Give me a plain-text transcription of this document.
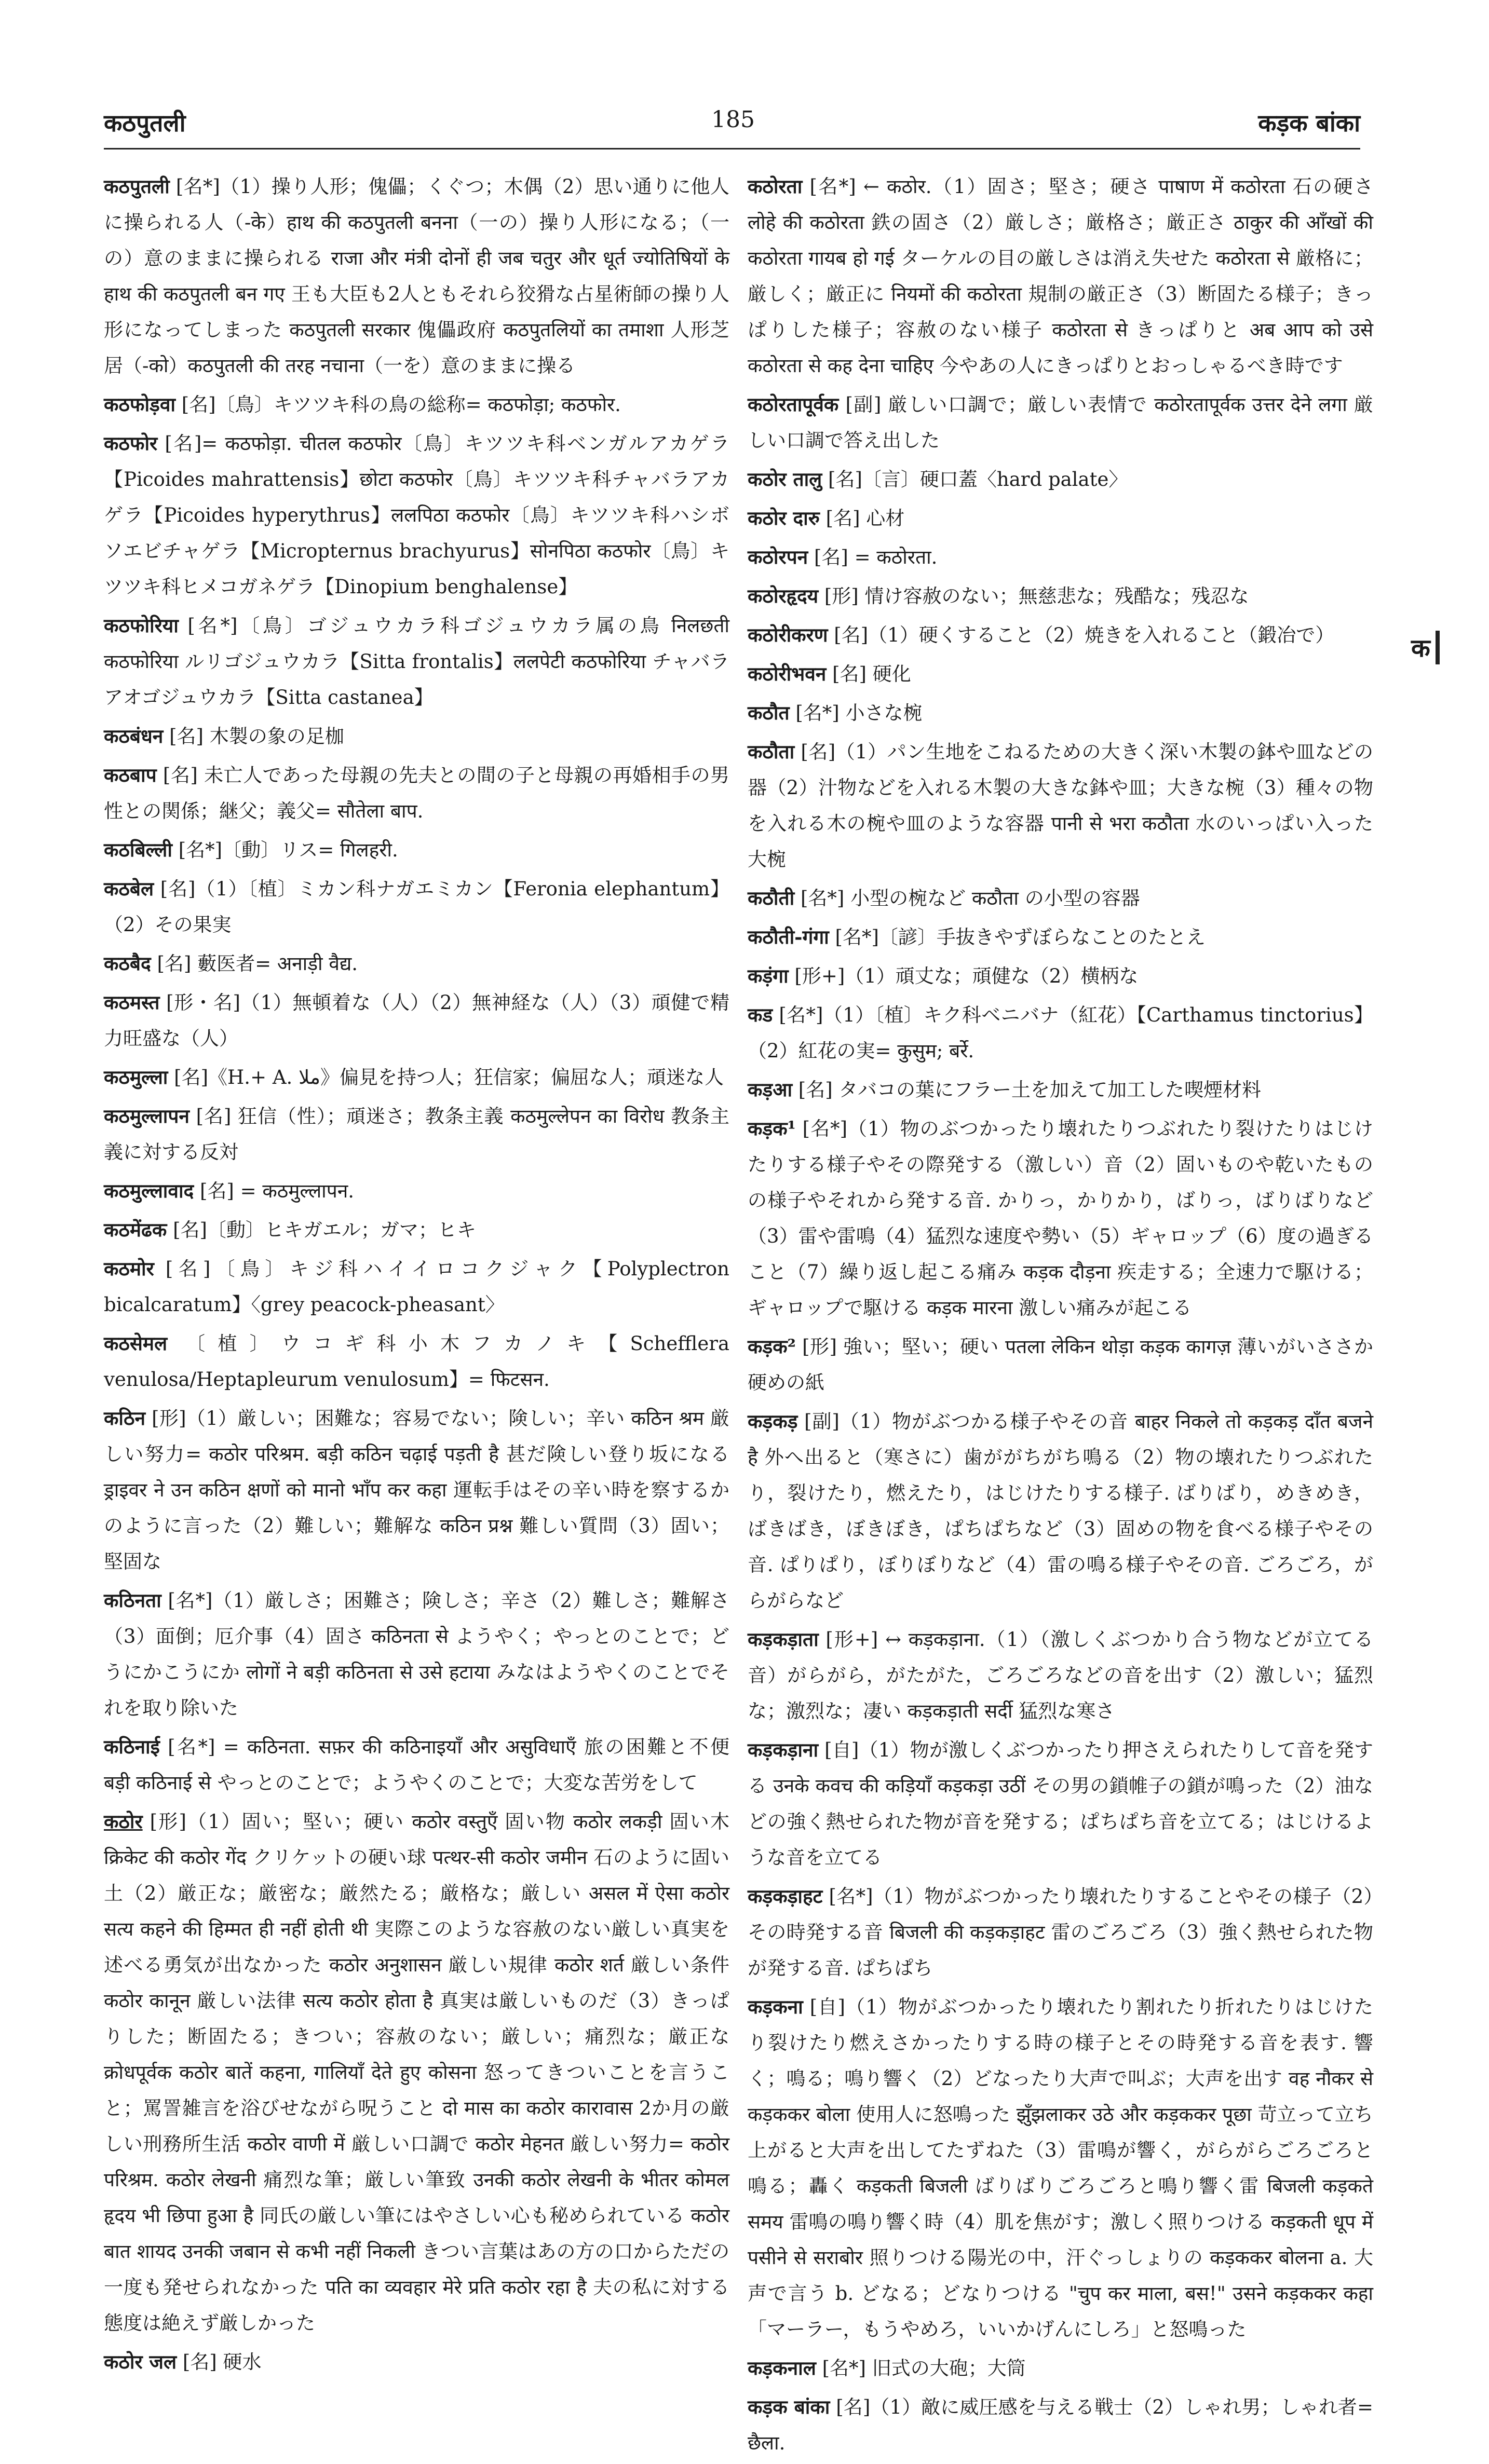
कठपुतली	185	कड़क बांका
कठपुतली [名*]（1）操り人形；傀儡；くぐつ；木偶（2）思い通りに他人に操られる人（-के）हाथ की कठपुतली बनना（一の）操り人形になる；（一の）意のままに操られる राजा और मंत्री दोनों ही जब चतुर और धूर्त ज्योतिषियों के हाथ की कठपुतली बन गए 王も大臣も2人ともそれら狡猾な占星術師の操り人形になってしまった कठपुतली सरकार 傀儡政府 कठपुतलियों का तमाशा 人形芝居（-को）कठपुतली की तरह नचाना（一を）意のままに操る
कठफोड़वा [名]〔鳥〕キツツキ科の鳥の総称= कठफोड़ा; कठफोर.
कठफोर [名]= कठफोड़ा. चीतल कठफोर〔鳥〕キツツキ科ベンガルアカゲラ【Picoides mahrattensis】छोटा कठफोर〔鳥〕キツツキ科チャバラアカゲラ【Picoides hyperythrus】ललपिठा कठफोर〔鳥〕キツツキ科ハシボソエビチャゲラ【Micropternus brachyurus】सोनपिठा कठफोर〔鳥〕キツツキ科ヒメコガネゲラ【Dinopium benghalense】
कठफोरिया [名*]〔鳥〕ゴジュウカラ科ゴジュウカラ属の鳥 निलछती कठफोरिया ルリゴジュウカラ【Sitta frontalis】ललपेटी कठफोरिया チャバラアオゴジュウカラ【Sitta castanea】
कठबंधन [名] 木製の象の足枷
कठबाप [名] 未亡人であった母親の先夫との間の子と母親の再婚相手の男性との関係；継父；義父= सौतेला बाप.
कठबिल्ली [名*]〔動〕リス= गिलहरी.
कठबेल [名]（1）〔植〕ミカン科ナガエミカン【Feronia elephantum】（2）その果実
कठबैद [名] 藪医者= अनाड़ी वैद्य.
कठमस्त [形・名]（1）無頓着な（人）（2）無神経な（人）（3）頑健で精力旺盛な（人）
कठमुल्ला [名]《H.+ A. ملا》偏見を持つ人；狂信家；偏屈な人；頑迷な人
कठमुल्लापन [名] 狂信（性）；頑迷さ；教条主義 कठमुल्लेपन का विरोध 教条主義に対する反対
कठमुल्लावाद [名] = कठमुल्लापन.
कठमेंढक [名]〔動〕ヒキガエル；ガマ；ヒキ
कठमोर [名]〔鳥〕キジ科ハイイロコクジャク【Polyplectron bicalcaratum】〈grey peacock-pheasant〉
कठसेमल 〔植〕ウコギ科小木フカノキ【Schefflera venulosa/Heptapleurum venulosum】= फिटसन.
कठिन [形]（1）厳しい；困難な；容易でない；険しい；辛い कठिन श्रम 厳しい努力= कठोर परिश्रम. बड़ी कठिन चढ़ाई पड़ती है 甚だ険しい登り坂になる ड्राइवर ने उन कठिन क्षणों को मानो भाँप कर कहा 運転手はその辛い時を察するかのように言った（2）難しい；難解な कठिन प्रश्न 難しい質問（3）固い；堅固な
कठिनता [名*]（1）厳しさ；困難さ；険しさ；辛さ（2）難しさ；難解さ（3）面倒；厄介事（4）固さ कठिनता से ようやく；やっとのことで；どうにかこうにか लोगों ने बड़ी कठिनता से उसे हटाया みなはようやくのことでそれを取り除いた
कठिनाई [名*] = कठिनता. सफ़र की कठिनाइयाँ और असुविधाएँ 旅の困難と不便 बड़ी कठिनाई से やっとのことで；ようやくのことで；大変な苦労をして
कठोर [形]（1）固い；堅い；硬い कठोर वस्तुएँ 固い物 कठोर लकड़ी 固い木 क्रिकेट की कठोर गेंद クリケットの硬い球 पत्थर-सी कठोर जमीन 石のように固い土（2）厳正な；厳密な；厳然たる；厳格な；厳しい असल में ऐसा कठोर सत्य कहने की हिम्मत ही नहीं होती थी 実際このような容赦のない厳しい真実を述べる勇気が出なかった कठोर अनुशासन 厳しい規律 कठोर शर्त 厳しい条件 कठोर कानून 厳しい法律 सत्य कठोर होता है 真実は厳しいものだ（3）きっぱりした；断固たる；きつい；容赦のない；厳しい；痛烈な；厳正な क्रोधपूर्वक कठोर बातें कहना, गालियाँ देते हुए कोसना 怒ってきついことを言うこと；罵詈雑言を浴びせながら呪うこと दो मास का कठोर कारावास 2か月の厳しい刑務所生活 कठोर वाणी में 厳しい口調で कठोर मेहनत 厳しい努力= कठोर परिश्रम. कठोर लेखनी 痛烈な筆；厳しい筆致 उनकी कठोर लेखनी के भीतर कोमल हृदय भी छिपा हुआ है 同氏の厳しい筆にはやさしい心も秘められている कठोर बात शायद उनकी जबान से कभी नहीं निकली きつい言葉はあの方の口からただの一度も発せられなかった पति का व्यवहार मेरे प्रति कठोर रहा है 夫の私に対する態度は絶えず厳しかった
कठोर जल [名] 硬水
कठोरता [名*] ← कठोर.（1）固さ；堅さ；硬さ पाषाण में कठोरता 石の硬さ लोहे की कठोरता 鉄の固さ（2）厳しさ；厳格さ；厳正さ ठाकुर की आँखों की कठोरता गायब हो गई ターケルの目の厳しさは消え失せた कठोरता से 厳格に；厳しく；厳正に नियमों की कठोरता 規制の厳正さ（3）断固たる様子；きっぱりした様子；容赦のない様子 कठोरता से きっぱりと अब आप को उसे कठोरता से कह देना चाहिए 今やあの人にきっぱりとおっしゃるべき時です
कठोरतापूर्वक [副] 厳しい口調で；厳しい表情で कठोरतापूर्वक उत्तर देने लगा 厳しい口調で答え出した
कठोर तालु [名]〔言〕硬口蓋〈hard palate〉
कठोर दारु [名] 心材
कठोरपन [名] = कठोरता.
कठोरहृदय [形] 情け容赦のない；無慈悲な；残酷な；残忍な
कठोरीकरण [名]（1）硬くすること（2）焼きを入れること（鍛冶で）
कठोरीभवन [名] 硬化
कठौत [名*] 小さな椀
कठौता [名]（1）パン生地をこねるための大きく深い木製の鉢や皿などの器（2）汁物などを入れる木製の大きな鉢や皿；大きな椀（3）種々の物を入れる木の椀や皿のような容器 पानी से भरा कठौता 水のいっぱい入った大椀
कठौती [名*] 小型の椀など कठौता の小型の容器
कठौती-गंगा [名*]〔諺〕手抜きやずぼらなことのたとえ
कड़ंगा [形+]（1）頑丈な；頑健な（2）横柄な
कड [名*]（1）〔植〕キク科ベニバナ（紅花）【Carthamus tinctorius】（2）紅花の実= कुसुम; बर्रे.
कड़आ [名] タバコの葉にフラー土を加えて加工した喫煙材料
कड़क¹ [名*]（1）物のぶつかったり壊れたりつぶれたり裂けたりはじけたりする様子やその際発する（激しい）音（2）固いものや乾いたものの様子やそれから発する音. かりっ，かりかり，ばりっ，ばりばりなど（3）雷や雷鳴（4）猛烈な速度や勢い（5）ギャロップ（6）度の過ぎること（7）繰り返し起こる痛み कड़क दौड़ना 疾走する；全速力で駆ける；ギャロップで駆ける कड़क मारना 激しい痛みが起こる
कड़क² [形] 強い；堅い；硬い पतला लेकिन थोड़ा कड़क कागज़ 薄いがいささか硬めの紙
कड़कड़ [副]（1）物がぶつかる様子やその音 बाहर निकले तो कड़कड़ दाँत बजने है 外へ出ると（寒さに）歯ががちがち鳴る（2）物の壊れたりつぶれたり，裂けたり，燃えたり，はじけたりする様子. ばりばり，めきめき，ばきばき，ぼきぼき，ぱちぱちなど（3）固めの物を食べる様子やその音. ぱりぱり，ぼりぼりなど（4）雷の鳴る様子やその音. ごろごろ，がらがらなど
कड़कड़ाता [形+] ↔ कड़कड़ाना.（1）（激しくぶつかり合う物などが立てる音）がらがら，がたがた，ごろごろなどの音を出す（2）激しい；猛烈な；激烈な；凄い कड़कड़ाती सर्दी 猛烈な寒さ
कड़कड़ाना [自]（1）物が激しくぶつかったり押さえられたりして音を発する उनके कवच की कड़ियाँ कड़कड़ा उठीं その男の鎖帷子の鎖が鳴った（2）油などの強く熱せられた物が音を発する；ぱちぱち音を立てる；はじけるような音を立てる
कड़कड़ाहट [名*]（1）物がぶつかったり壊れたりすることやその様子（2）その時発する音 बिजली की कड़कड़ाहट 雷のごろごろ（3）強く熱せられた物が発する音. ぱちぱち
कड़कना [自]（1）物がぶつかったり壊れたり割れたり折れたりはじけたり裂けたり燃えさかったりする時の様子とその時発する音を表す. 響く；鳴る；鳴り響く（2）どなったり大声で叫ぶ；大声を出す वह नौकर से कड़ककर बोला 使用人に怒鳴った झुँझलाकर उठे और कड़ककर पूछा 苛立って立ち上がると大声を出してたずねた（3）雷鳴が響く，がらがらごろごろと鳴る；轟く कड़कती बिजली ばりばりごろごろと鳴り響く雷 बिजली कड़कते समय 雷鳴の鳴り響く時（4）肌を焦がす；激しく照りつける कड़कती धूप में पसीने से सराबोर 照りつける陽光の中，汗ぐっしょりの कड़ककर बोलना a. 大声で言う b. どなる；どなりつける "चुप कर माला, बस!" उसने कड़ककर कहा「マーラー，もうやめろ，いいかげんにしろ」と怒鳴った
कड़कनाल [名*] 旧式の大砲；大筒
कड़क बांका [名]（1）敵に威圧感を与える戦士（2）しゃれ男；しゃれ者= छैला.
क
